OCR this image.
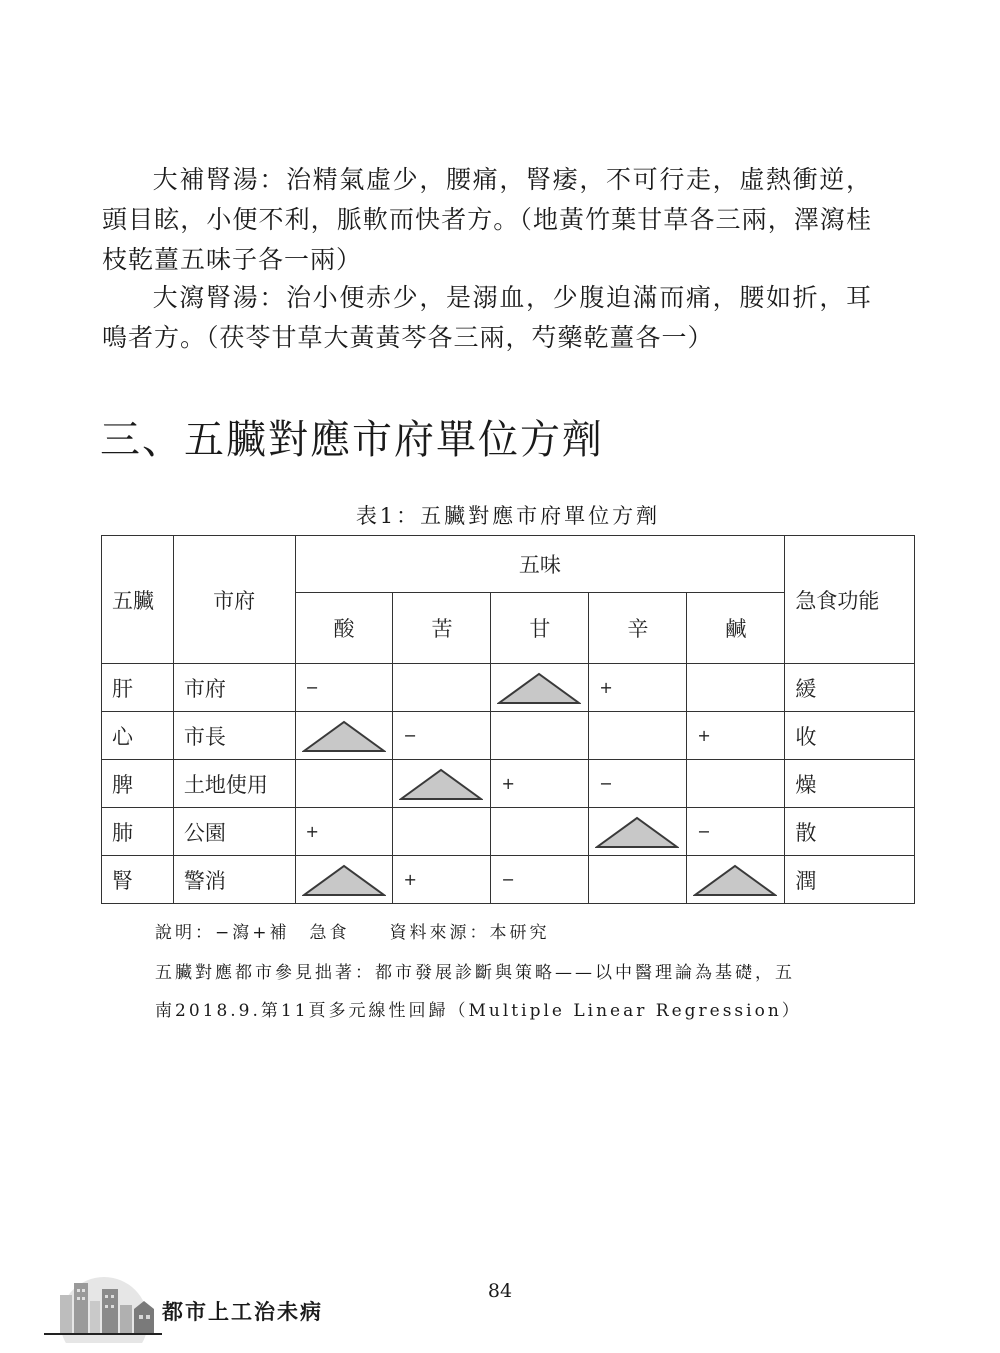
大補腎湯：治精氣虛少，腰痛，腎痿，不可行走，虛熱衝逆，頭目眩，小便不利，脈軟而快者方。（地黃竹葉甘草各三兩，澤瀉桂枝乾薑五味子各一兩）

大瀉腎湯：治小便赤少，是溺血，少腹迫滿而痛，腰如折，耳鳴者方。（茯苓甘草大黃黃芩各三兩，芍藥乾薑各一）

三、五臟對應市府單位方劑
表1：五臟對應市府單位方劑
五臟	市府	五味					急食功能
		酸	苦	甘	辛	鹹	
肝	市府	−			+		緩
心	市長		−			+	收
脾	土地使用			+	−		燥
肺	公園	+				−	散
腎	警消		+	−			潤

說明：−瀉+補　急食　　資料來源：本研究

五臟對應都市參見拙著：都市發展診斷與策略——以中醫理論為基礎，五

南2018.9.第11頁多元線性回歸（Multiple Linear Regression）

84
都市上工治未病
